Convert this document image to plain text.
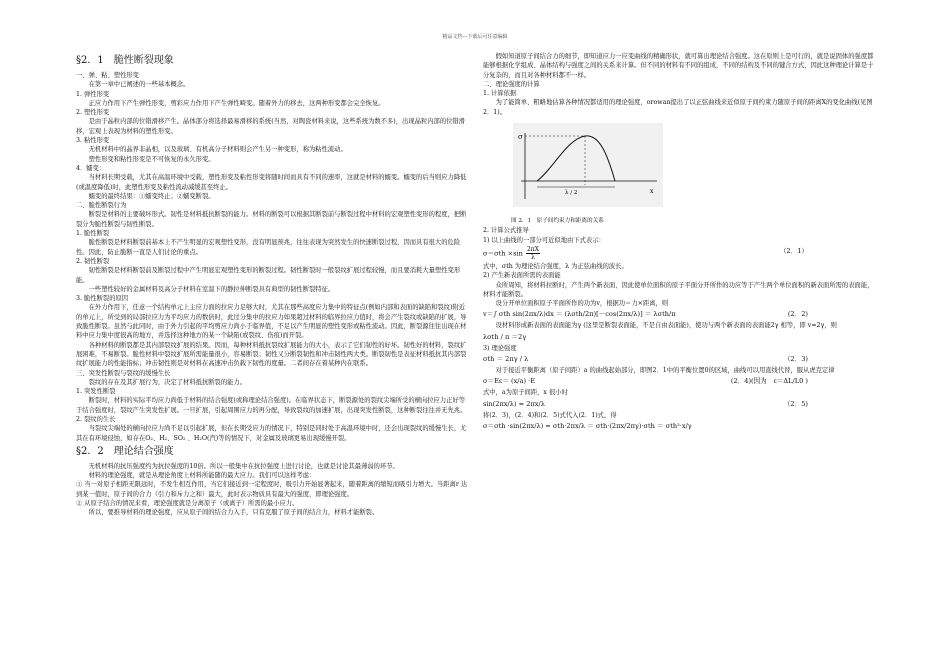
精品文档---下载后可任意编辑
§2．1　脆性断裂现象

一、弹、粘、塑性形变

在第一章中已阐述的一些基本概念。

1. 弹性形变

正应力作用下产生弹性形变，剪彩应力作用下产生弹性畸变。随着外力的移去，这两种形变都会完全恢复。

2. 塑性形变

是由于晶粒内部的位错滑移产生。晶体部分将选择最易滑移的系统(当然，对陶瓷材料来说，这些系统为数不多)，出现晶粒内部的位错滑移，宏观上表现为材料的塑性形变。

3. 粘性形变

无机材料中的晶界非晶相，以及玻璃、有机高分子材料则会产生另一种变形，称为粘性流动。

塑性形变和粘性形变是不可恢复的永久形变。

4．蠕变：

当材料长期受载，尤其在高温环境中受载，塑性形变及粘性形变将随时间而具有不同的速率，这就是材料的蠕变。蠕变的后当则应力降低(或温度降低)时，此塑性形变及粘性流动减缓甚至终止。

蠕变的最终结果：①蠕变终止；②蠕变断裂。

二、脆性断裂行为

断裂是材料的主要破坏形式。韧性是材料抵抗断裂的能力。材料的断裂可以根据其断裂前与断裂过程中材料的宏观塑性变形的程度，把断裂分为脆性断裂与韧性断裂。

1. 脆性断裂

脆性断裂是材料断裂前基本上不产生明显的宏观塑性变形，没有明显预兆，往往表现为突然发生的快速断裂过程，因而具有很大的危险性。因此，防止脆断一直是人们讨论的重点。

2. 韧性断裂

韧性断裂是材料断裂前及断裂过程中产生明显宏观塑性变形的断裂过程。韧性断裂时一般裂纹扩展过程较慢，而且要消耗大量塑性变形能。

一些塑性较好的金属材料及高分子材料在室温下的静拉伸断裂具有典型的韧性断裂特征。

3. 脆性断裂的原因

在外力作用下，任意一个结构单元上主应力面的拉应力足够大时，尤其在那些高度应力集中的特征点(例如内部和表面的缺陷和裂纹)附近的单元上，所受到的局部拉应力为平均应力的数倍时，此过分集中的拉应力如果超过材料的临界拉应力值时，将会产生裂纹或缺陷的扩展，导致脆性断裂。虽然与此同时，由于外力引起的平均剪应力尚小于临界值，不足以产生明显的塑性变形或粘性流动。因此，断裂源往往出现在材料中应力集中度很高的地方，并选择这种地方的某一个缺陷(或裂纹、伤痕)而开裂。

各种材料的断裂都是其内部裂纹扩展的结果。因而，每种材料抵抗裂纹扩展能力的大小，表示了它们韧性的好坏。韧性好的材料，裂纹扩展困难，不易断裂。脆性材料中裂纹扩展所需能量很小，容易断裂；韧性又分断裂韧性和冲击韧性两大类。断裂韧性是表征材料抵抗其内部裂纹扩展能力的性能指标；冲击韧性则是对材料在高速冲击负载下韧性的度量。二者间存在着某种内在联系。

三、突发性断裂与裂纹的缓慢生长

裂纹的存在及其扩展行为，决定了材料抵抗断裂的能力。

1. 突发性断裂

断裂时，材料的实际平均应力尚低于材料的结合强度(或称理论结合强度)。在临界状态下，断裂源处的裂纹尖端所受的横向拉应力正好等于结合强度时，裂纹产生突发性扩展。一旦扩展，引起周围应力的再分配，导致裂纹的加速扩展，出现突发性断裂，这种断裂往往并无先兆。

2. 裂纹的生长

当裂纹尖端处的横向拉应力尚不足以引起扩展，但在长期受应力的情况下，特别是同时处于高温环境中时，还会出现裂纹的缓慢生长，尤其在有环境侵蚀，如存在O₂、H₂、SO₂ 、H₂O(汽)等的情况下，对金属及玻璃更易出现缓慢开裂。

§2．2　理论结合强度

无机材料的抗压强度约为抗拉强度的10倍。所以一般集中在抗拉强度上进行讨论，也就是讨论其最薄弱的环节。

材料的理论强度，就是从理论角度上材料所能随的最大应力。我们可以这样考虑：

① 当一对原子相距无限远时，不发生相互作用，当它们接近到一定程度时，吸引力开始显著起来，随着距离的缩短而吸引力增大。当距离r 达到某一值时，原子间的合力（引力和斥力之和）最大，此时表示物质具有最大的强度，即理论强度。

② 从原子结合的情况来看，理论强度就是分离原子（或离子）所需的最小应力。

所以，要推导材料的理论强度，应从原子间的结合力入手，只有克服了原子间的结合力，材料才能断裂。

假如知道原子间结合力的细节，即知道应力一应变曲线的精确形状，就可算出理论结合强度。这在原则上是可行的，就是说固体的强度都能够根据化学组成、晶体结构与强度之间的关系来计算。但不同的材料有不同的组成，不同的结构及不同的键合方式，因此这种理论计算是十分复杂的，而且对各种材料都不一样。

二、理论强度的计算

1. 计算依据

为了能简单、粗略地估算各种情况都适用的理论强度，orowan提出了以正弦曲线来近似原子间约束力随原子间的距离X的变化曲线(见图2．1)。

σ
λ / 2	x

图 2．1　原子间约束力和距离的关系

2. 计算公式推导

1) 以上曲线的一部分可近似地由下式表示：

$\sigma=\sigma th \times\sin \frac{2\pi X}{\lambda}$	（2．1）

式中，σth 为理论结合强度，λ 为正弦曲线的波长。

2) 产生新表面所需的表面能

众所周知，将材料拉断时，产生两个新表面，因此使单位面积的原子平面分开所作的功应等于产生两个单位面积的新表面所需的表面能，材料才能断裂。

设分开单位面积原子平面所作的功为v，根据功＝力×距离，则

v＝∫ σth sin(2πx/λ)dx ＝ (λσth/2π)[－cos(2πx/λ)] ＝ λσth/π	(2．2)

设材料形成新表面的表面能为γ (这里是断裂表面能，不是自由表面能)，使功与两个新表面的表面能2γ 相等，即 v=2γ，则

λσth / π ＝2γ

3) 理论强度

σth ＝ 2πγ / λ	（2．3)

对于接近平衡距离（原子间距）a 的曲线起始部分，即图2．1中的平衡位置0的区域，曲线可以用直线代替，服从虎克定律

σ＝Eε＝ (x/a) ·E	(2．4)(因为　ε＝ΔL/L0 )

式中，a为原子间距，x 很小时

sin(2πx/λ) ≈ 2πx/λ	（2．5)

将(2．3)，(2．4)和(2．5)式代入(2．1)式，得

σ＝σth ·sin(2πx/λ) ≈ σth·2πx/λ ＝ σth·(2πx/2πγ)·σth ＝ σth²·x/γ
